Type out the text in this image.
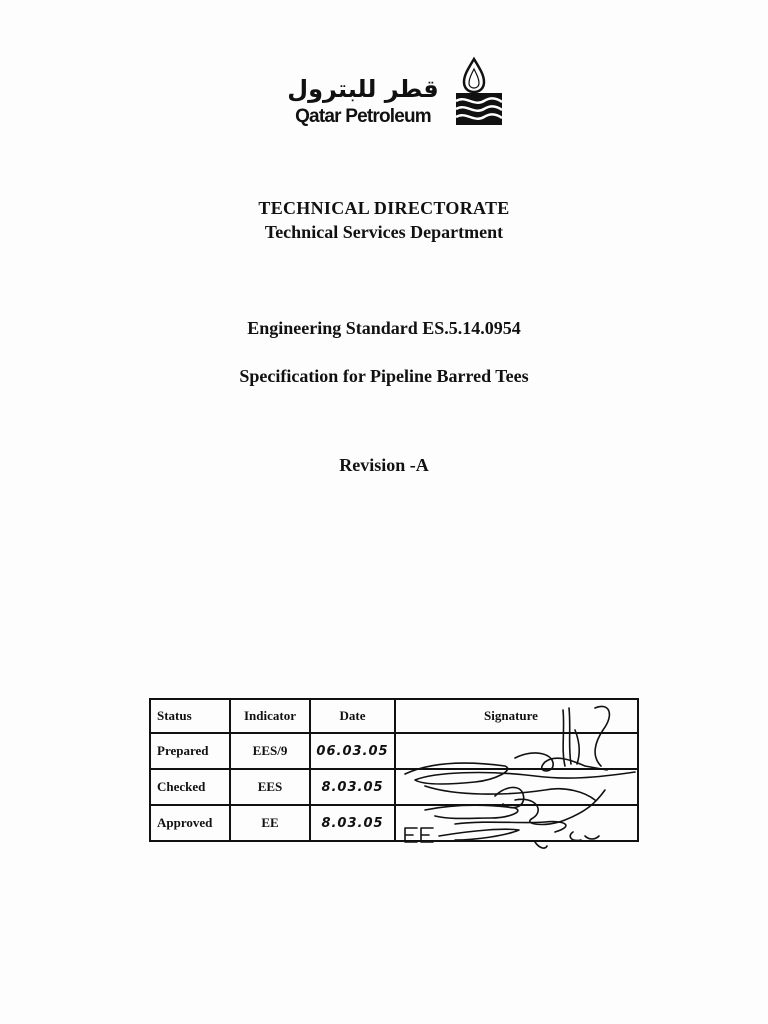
قطر للبترول
Qatar Petroleum
TECHNICAL DIRECTORATE
Technical Services Department
Engineering Standard ES.5.14.0954
Specification for Pipeline Barred Tees
Revision -A
Status	Indicator	Date	Signature
Prepared	EES/9	06.03.05	
Checked	EES	8.03.05	
Approved	EE	8.03.05	
